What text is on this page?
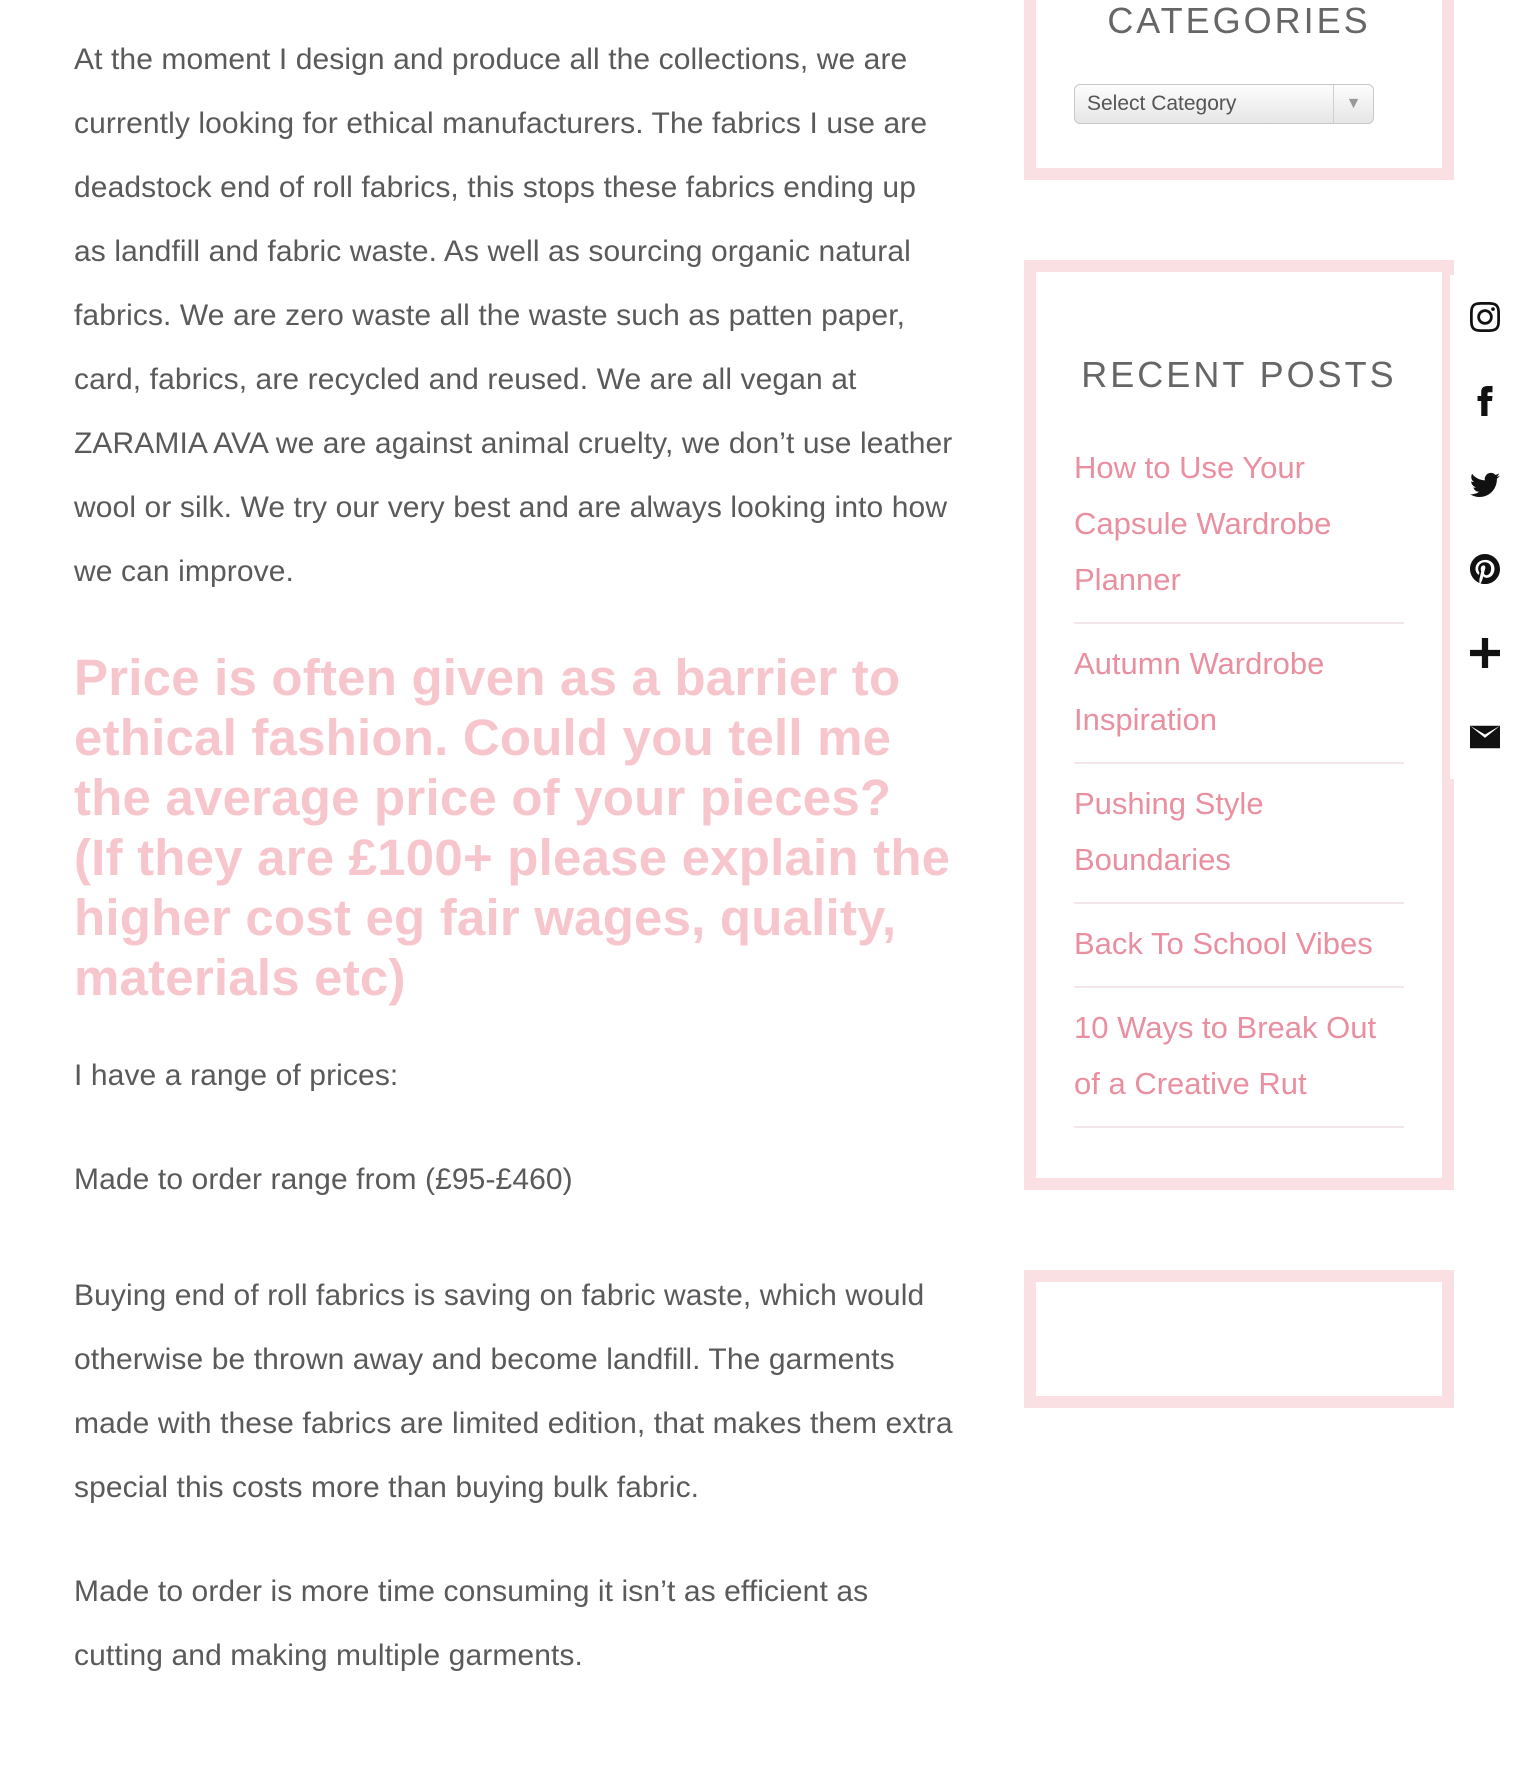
At the moment I design and produce all the collections, we are currently looking for ethical manufacturers. The fabrics I use are deadstock end of roll fabrics, this stops these fabrics ending up as landfill and fabric waste. As well as sourcing organic natural fabrics. We are zero waste all the waste such as patten paper, card, fabrics, are recycled and reused. We are all vegan at ZARAMIA AVA we are against animal cruelty, we don’t use leather wool or silk. We try our very best and are always looking into how we can improve.

Price is often given as a barrier to ethical fashion. Could you tell me the average price of your pieces? (If they are £100+ please explain the higher cost eg fair wages, quality, materials etc)

I have a range of prices:

Made to order range from (£95-£460)

Buying end of roll fabrics is saving on fabric waste, which would otherwise be thrown away and become landfill. The garments made with these fabrics are limited edition, that makes them extra special this costs more than buying bulk fabric.

Made to order is more time consuming it isn’t as efficient as cutting and making multiple garments.

CATEGORIES
Select Category	▼
RECENT POSTS
How to Use Your Capsule Wardrobe Planner
Autumn Wardrobe Inspiration
Pushing Style Boundaries
Back To School Vibes
10 Ways to Break Out of a Creative Rut
